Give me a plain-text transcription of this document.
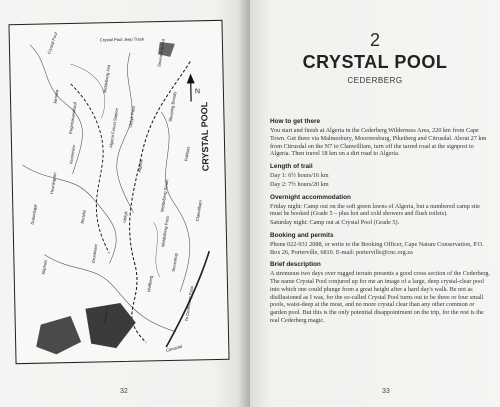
CRYSTAL POOL
N
Crystal Pool	Sneeuberg Hut
Crystal Pool Jeep Track
Sleeping Beauty
Engelsmanskloof
Algeria
Uitkyk
Middelberg South
Heuningvlei
Rietvlei
Kliphuis
Clanwilliam
Sneeukop
To Cederberg Pass
Grootrivier
Citrusdal
Algeria Forest Station Uitkyk Pass
Middelberg Hut
Duiwelsgat
Kromrivier
Wolfberg
Jamaka
Pakhuis
Nuwerust
Middelberg Pass
32
2
CRYSTAL POOL
CEDERBERG
How to get there
You start and finish at Algeria in the Cederberg Wilderness Area, 220 km from Cape Town. Get there via Malmesbury, Moorreesburg, Piketberg and Citrusdal. About 27 km from Citrusdal on the N7 to Clanwilliam, turn off the tarred road at the signpost to Algeria. Then travel 18 km on a dirt road to Algeria.
Length of trail
Day 1: 6½ hours/16 km
Day 2: 7½ hours/20 km
Overnight accommodation
Friday night: Camp out on the soft green lawns of Algeria, but a numbered camp site must be booked (Grade 5 – plus hot and cold showers and flush toilets).
Saturday night: Camp out at Crystal Pool (Grade 5).
Booking and permits
Phone 022-931 2088, or write to the Booking Officer, Cape Nature Conservation, P.O. Box 26, Porterville, 6810. E-mail: porterville@cnc.org.za
Brief description
A strenuous two days over rugged terrain presents a good cross section of the Cederberg. The name Crystal Pool conjured up for me an image of a large, deep crystal-clear pool into which one could plunge from a great height after a hard day's walk. Be not as disillusioned as I was, for the so-called Crystal Pool turns out to be three or four small pools, waist-deep at the most, and no more crystal clear than any other common or garden pool. But this is the only potential disappointment on the trip, for the rest is the real Cederberg magic.
33
